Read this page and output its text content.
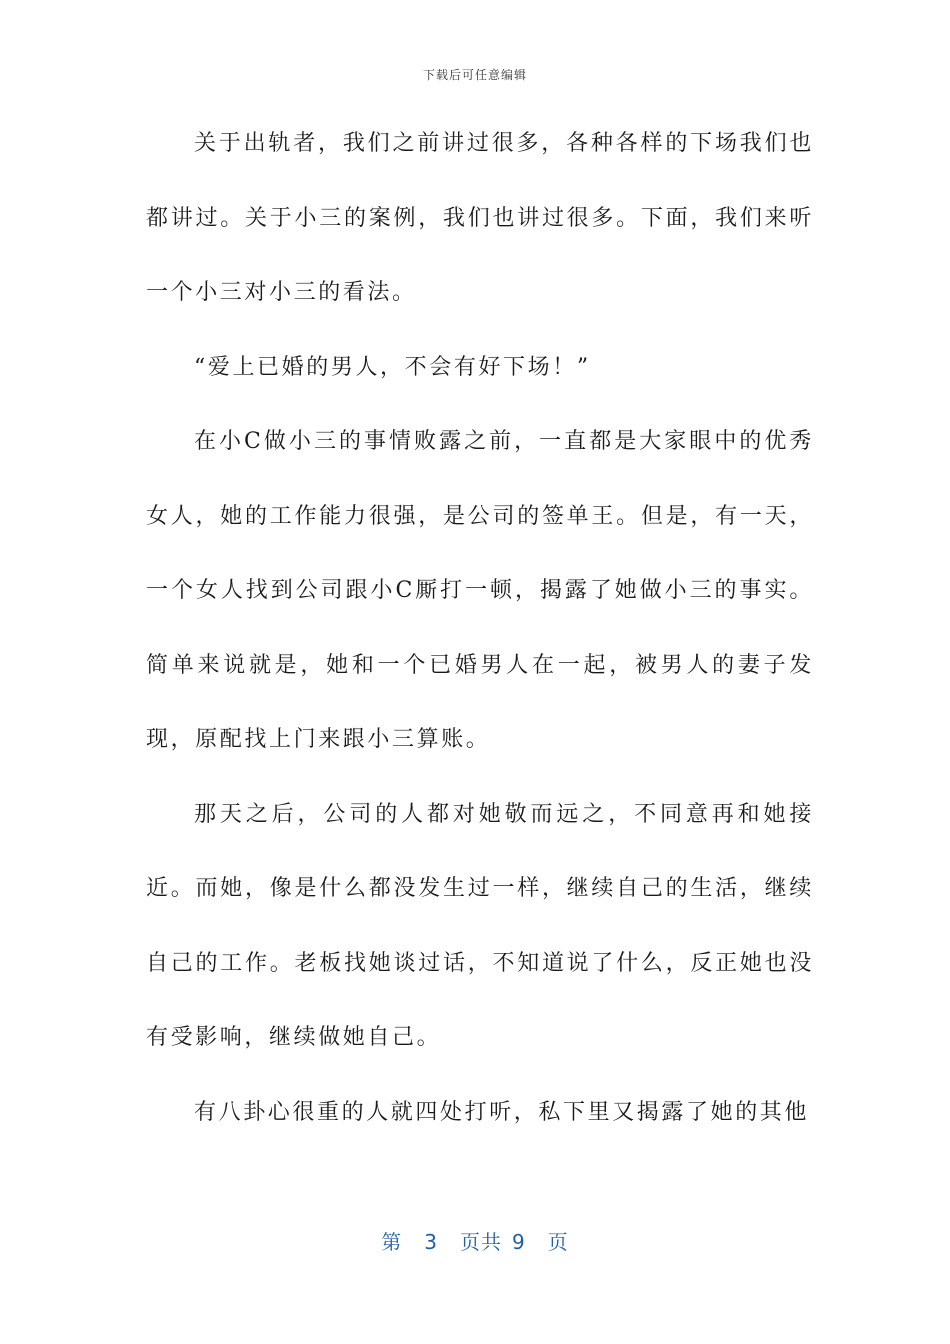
下载后可任意编辑

关于出轨者，我们之前讲过很多，各种各样的下场我们也都讲过。关于小三的案例，我们也讲过很多。下面，我们来听一个小三对小三的看法。

“爱上已婚的男人，不会有好下场！”

在小C做小三的事情败露之前，一直都是大家眼中的优秀女人，她的工作能力很强，是公司的签单王。但是，有一天，一个女人找到公司跟小C厮打一顿，揭露了她做小三的事实。简单来说就是，她和一个已婚男人在一起，被男人的妻子发现，原配找上门来跟小三算账。

那天之后，公司的人都对她敬而远之，不同意再和她接近。而她，像是什么都没发生过一样，继续自己的生活，继续自己的工作。老板找她谈过话，不知道说了什么，反正她也没有受影响，继续做她自己。

有八卦心很重的人就四处打听，私下里又揭露了她的其他

第 3 页共 9 页
